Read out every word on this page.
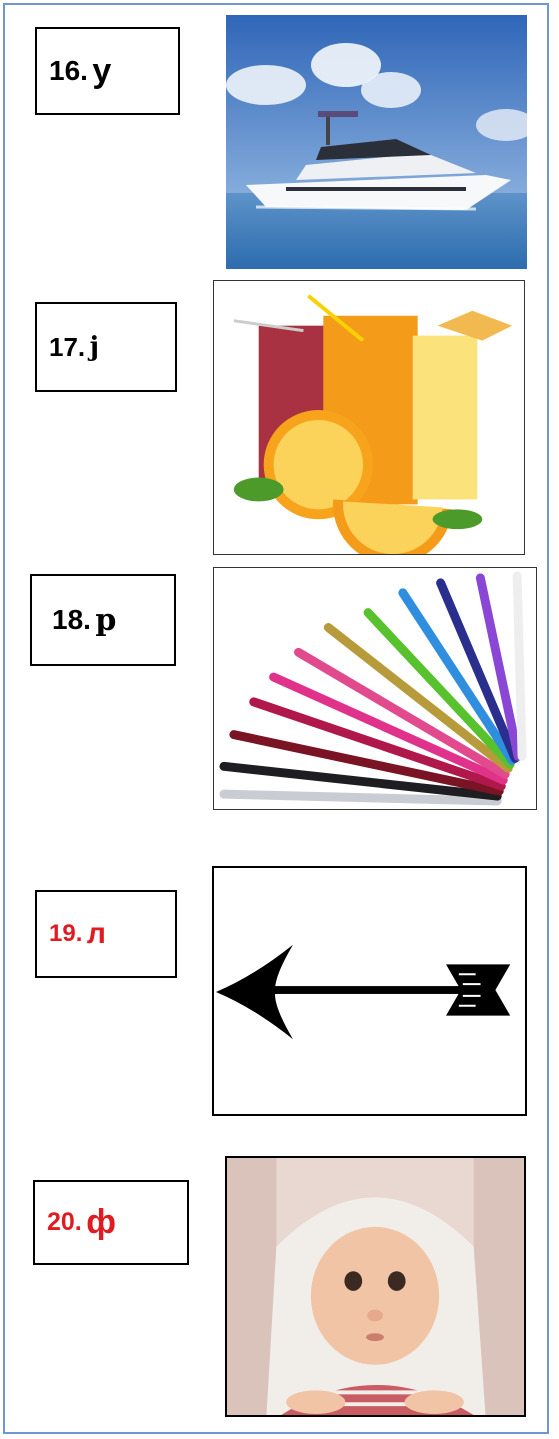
16.
у
17.
ј
18.
р
19.
л
20.
ф
